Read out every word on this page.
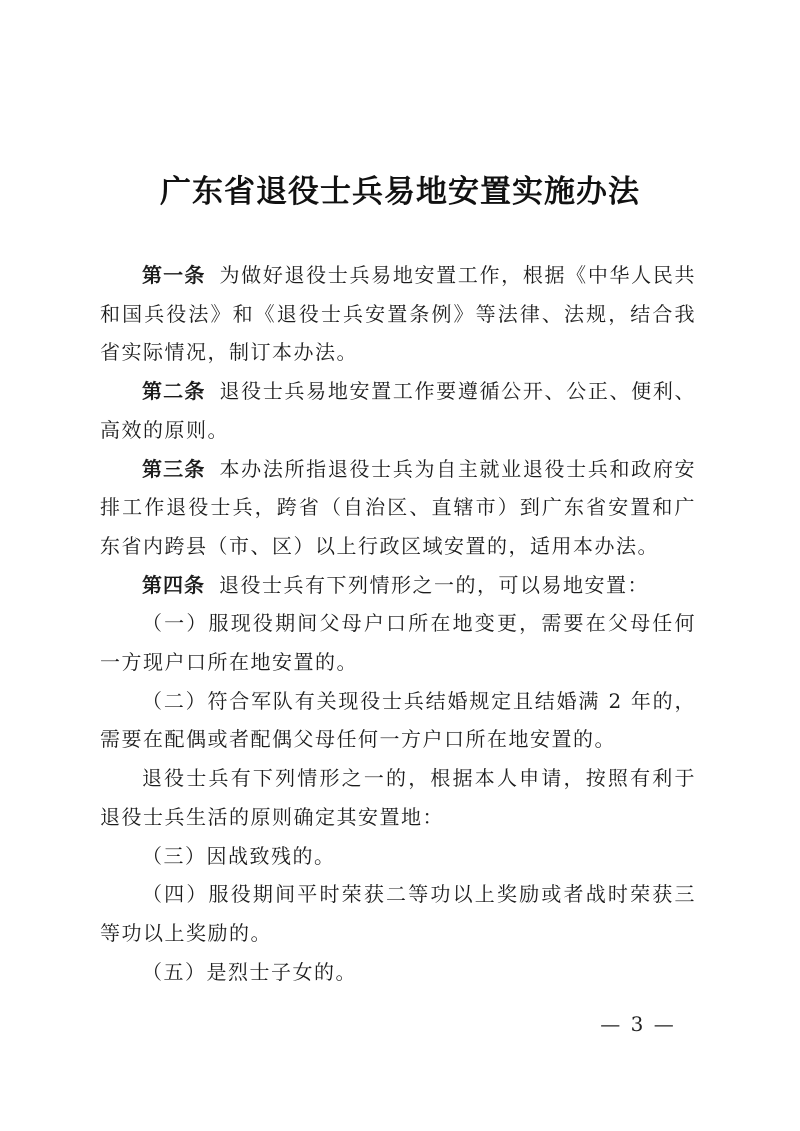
广东省退役士兵易地安置实施办法

第一条 为做好退役士兵易地安置工作，根据《中华人民共和国兵役法》和《退役士兵安置条例》等法律、法规，结合我省实际情况，制订本办法。

第二条 退役士兵易地安置工作要遵循公开、公正、便利、高效的原则。

第三条 本办法所指退役士兵为自主就业退役士兵和政府安排工作退役士兵，跨省（自治区、直辖市）到广东省安置和广东省内跨县（市、区）以上行政区域安置的，适用本办法。

第四条 退役士兵有下列情形之一的，可以易地安置：

（一）服现役期间父母户口所在地变更，需要在父母任何一方现户口所在地安置的。

（二）符合军队有关现役士兵结婚规定且结婚满 2 年的，需要在配偶或者配偶父母任何一方户口所在地安置的。

退役士兵有下列情形之一的，根据本人申请，按照有利于退役士兵生活的原则确定其安置地：

（三）因战致残的。

（四）服役期间平时荣获二等功以上奖励或者战时荣获三等功以上奖励的。

（五）是烈士子女的。

— 3 —
